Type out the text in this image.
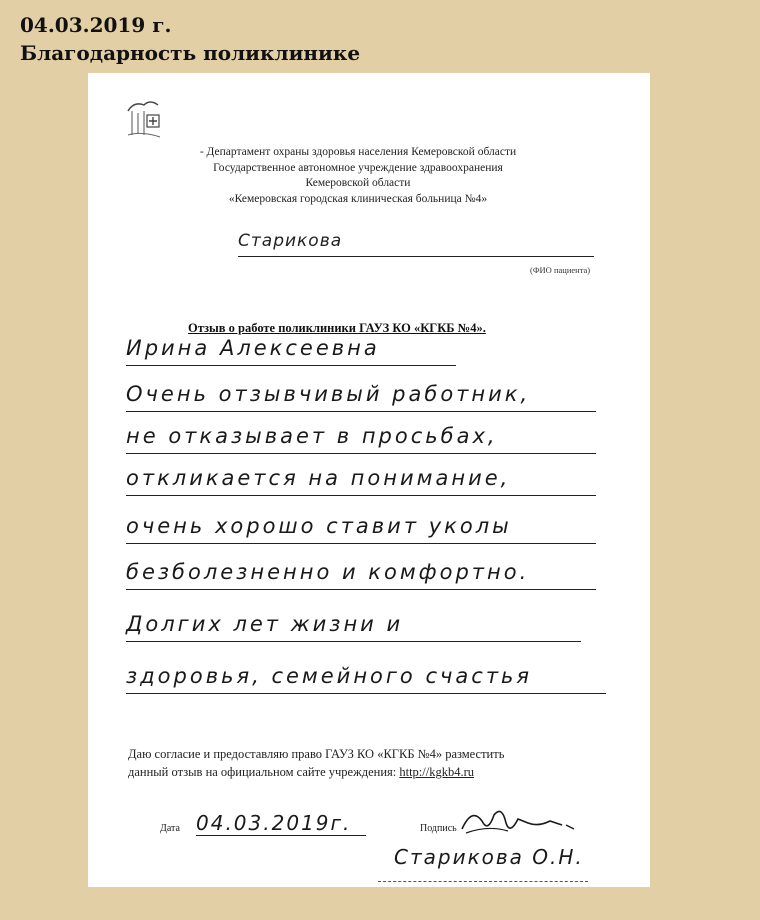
04.03.2019 г.
Благодарность поликлинике
- Департамент охраны здоровья населения Кемеровской области
Государственное автономное учреждение здравоохранения
Кемеровской области
«Кемеровская городская клиническая больница №4»
Старикова
(ФИО пациента)
Отзыв о работе поликлиники ГАУЗ КО «КГКБ №4».
Ирина Алексеевна
Очень отзывчивый работник,
не отказывает в просьбах,
откликается на понимание,
очень хорошо ставит уколы
безболезненно и комфортно.
Долгих лет жизни и
здоровья, семейного счастья
Даю согласие и предоставляю право ГАУЗ КО «КГКБ №4» разместить
данный отзыв на официальном сайте учреждения: http://kgkb4.ru
Дата 04.03.2019г.	Подпись
Старикова О.Н.
